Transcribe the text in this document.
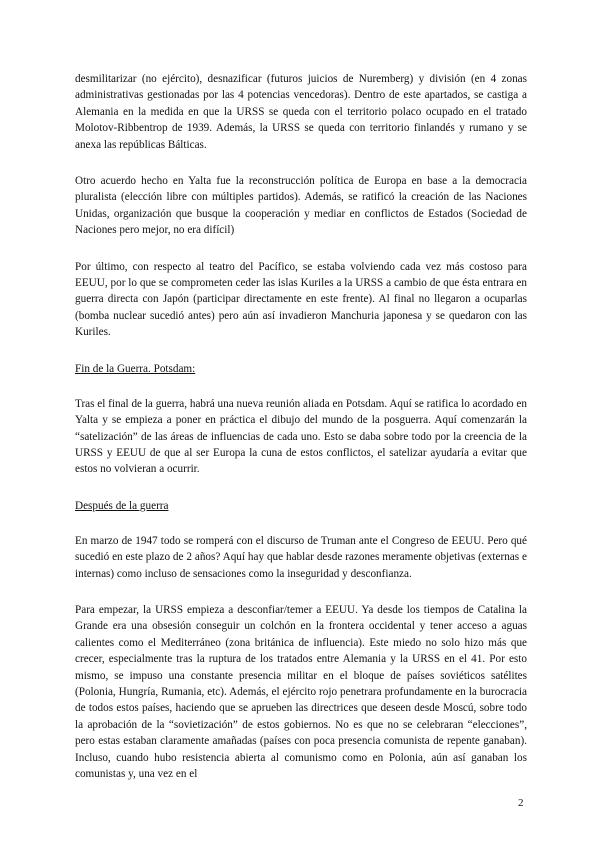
desmilitarizar (no ejército), desnazificar (futuros juicios de Nuremberg) y división (en 4 zonas administrativas gestionadas por las 4 potencias vencedoras). Dentro de este apartados, se castiga a Alemania en la medida en que la URSS se queda con el territorio polaco ocupado en el tratado Molotov-Ribbentrop de 1939. Además, la URSS se queda con territorio finlandés y rumano y se anexa las repúblicas Bálticas.

Otro acuerdo hecho en Yalta fue la reconstrucción política de Europa en base a la democracia pluralista (elección libre con múltiples partidos). Además, se ratificó la creación de las Naciones Unidas, organización que busque la cooperación y mediar en conflictos de Estados (Sociedad de Naciones pero mejor, no era difícil)

Por último, con respecto al teatro del Pacífico, se estaba volviendo cada vez más costoso para EEUU, por lo que se comprometen ceder las islas Kuriles a la URSS a cambio de que ésta entrara en guerra directa con Japón (participar directamente en este frente). Al final no llegaron a ocuparlas (bomba nuclear sucedió antes) pero aún así invadieron Manchuria japonesa y se quedaron con las Kuriles.

Fin de la Guerra. Potsdam:

Tras el final de la guerra, habrá una nueva reunión aliada en Potsdam. Aquí se ratifica lo acordado en Yalta y se empieza a poner en práctica el dibujo del mundo de la posguerra. Aquí comenzarán la “satelización” de las áreas de influencias de cada uno. Esto se daba sobre todo por la creencia de la URSS y EEUU de que al ser Europa la cuna de estos conflictos, el satelizar ayudaría a evitar que estos no volvieran a ocurrir.

Después de la guerra

En marzo de 1947 todo se romperá con el discurso de Truman ante el Congreso de EEUU. Pero qué sucedió en este plazo de 2 años? Aquí hay que hablar desde razones meramente objetivas (externas e internas) como incluso de sensaciones como la inseguridad y desconfianza.

Para empezar, la URSS empieza a desconfiar/temer a EEUU. Ya desde los tiempos de Catalina la Grande era una obsesión conseguir un colchón en la frontera occidental y tener acceso a aguas calientes como el Mediterráneo (zona británica de influencia). Este miedo no solo hizo más que crecer, especialmente tras la ruptura de los tratados entre Alemania y la URSS en el 41. Por esto mismo, se impuso una constante presencia militar en el bloque de países soviéticos satélites (Polonia, Hungría, Rumania, etc). Además, el ejército rojo penetrara profundamente en la burocracia de todos estos países, haciendo que se aprueben las directrices que deseen desde Moscú, sobre todo la aprobación de la “sovietización” de estos gobiernos. No es que no se celebraran “elecciones”, pero estas estaban claramente amañadas (países con poca presencia comunista de repente ganaban). Incluso, cuando hubo resistencia abierta al comunismo como en Polonia, aún así ganaban los comunistas y, una vez en el

2
